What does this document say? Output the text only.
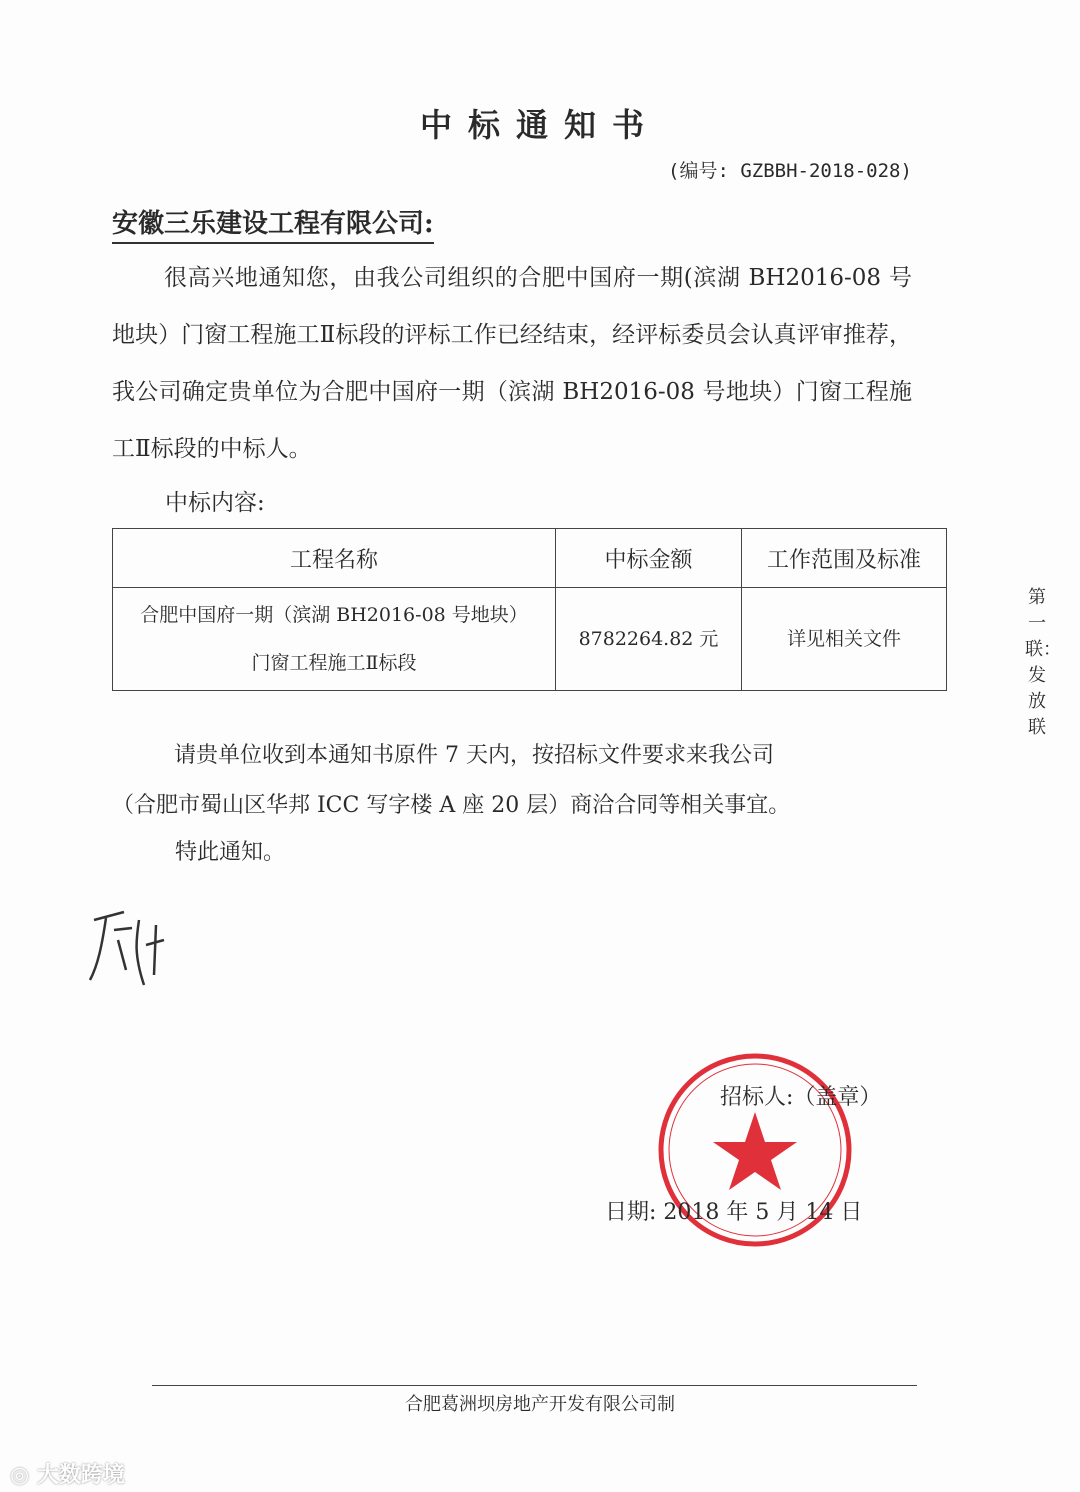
中标通知书
(编号: GZBBH-2018-028)
安徽三乐建设工程有限公司:
很高兴地通知您，由我公司组织的合肥中国府一期(滨湖 BH2016-08 号地块）门窗工程施工Ⅱ标段的评标工作已经结束，经评标委员会认真评审推荐，我公司确定贵单位为合肥中国府一期（滨湖 BH2016-08 号地块）门窗工程施工Ⅱ标段的中标人。
中标内容:
工程名称	中标金额	工作范围及标准

合肥中国府一期（滨湖 BH2016-08 号地块）
门窗工程施工Ⅱ标段	8782264.82 元	详见相关文件
请贵单位收到本通知书原件 7 天内，按招标文件要求来我公司
（合肥市蜀山区华邦 ICC 写字楼 A 座 20 层）商洽合同等相关事宜。
特此通知。
招标人:（盖章）
日期: 2018 年 5 月 14 日
第一联：发放联
合肥葛洲坝房地产开发有限公司制
◎ 大数跨境
